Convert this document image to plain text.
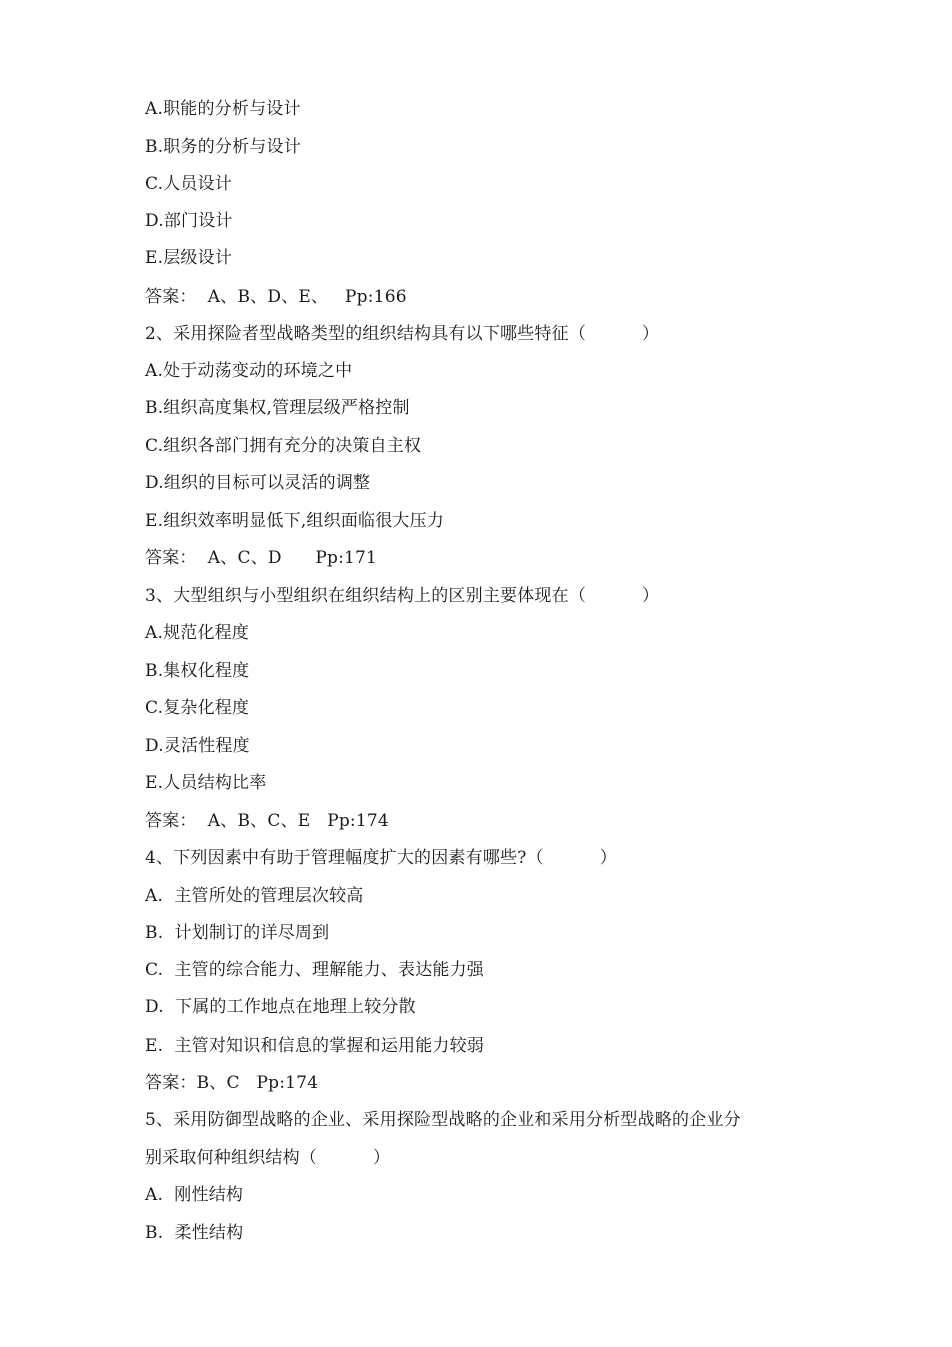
A.职能的分析与设计
B.职务的分析与设计
C.人员设计
D.部门设计
E.层级设计
答案：  A、B、D、E、   Pp:166
2、采用探险者型战略类型的组织结构具有以下哪些特征（          ）
A.处于动荡变动的环境之中
B.组织高度集权,管理层级严格控制
C.组织各部门拥有充分的决策自主权
D.组织的目标可以灵活的调整
E.组织效率明显低下,组织面临很大压力
答案：  A、C、D      Pp:171
3、大型组织与小型组织在组织结构上的区别主要体现在（          ）
A.规范化程度
B.集权化程度
C.复杂化程度
D.灵活性程度
E.人员结构比率
答案：  A、B、C、E   Pp:174
4、下列因素中有助于管理幅度扩大的因素有哪些?（          ）
A.  主管所处的管理层次较高
B.  计划制订的详尽周到
C.  主管的综合能力、理解能力、表达能力强
D.  下属的工作地点在地理上较分散
E.  主管对知识和信息的掌握和运用能力较弱
答案：B、C   Pp:174
5、采用防御型战略的企业、采用探险型战略的企业和采用分析型战略的企业分
别采取何种组织结构（          ）
A.  刚性结构
B.  柔性结构
